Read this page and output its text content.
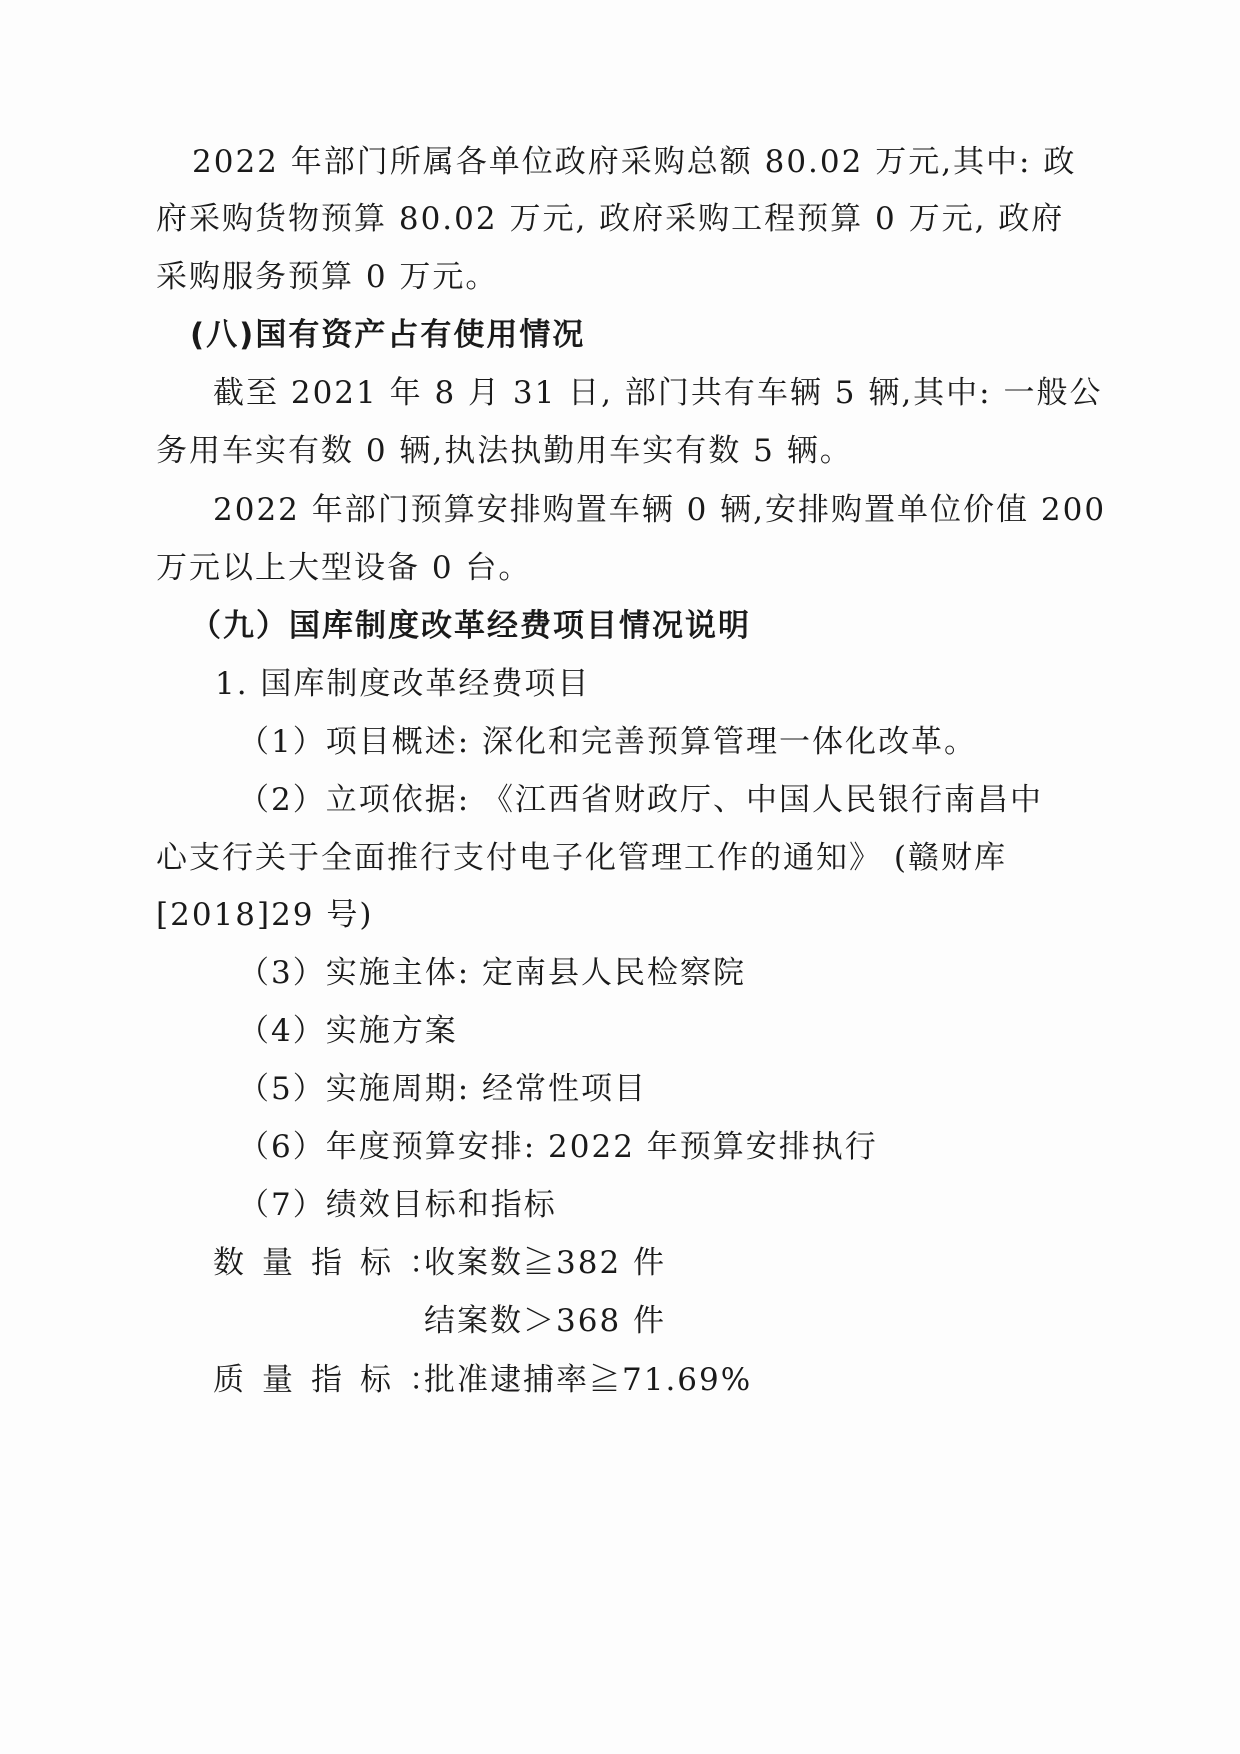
2022 年部门所属各单位政府采购总额 80.02 万元,其中: 政
府采购货物预算 80.02 万元, 政府采购工程预算 0 万元, 政府
采购服务预算 0 万元。
(八)国有资产占有使用情况
截至 2021 年 8 月 31 日, 部门共有车辆 5 辆,其中: 一般公
务用车实有数 0 辆,执法执勤用车实有数 5 辆。
2022 年部门预算安排购置车辆 0 辆,安排购置单位价值 200
万元以上大型设备 0 台。
（九）国库制度改革经费项目情况说明
1. 国库制度改革经费项目
（1）项目概述: 深化和完善预算管理一体化改革。
（2）立项依据: 《江西省财政厅、中国人民银行南昌中
心支行关于全面推行支付电子化管理工作的通知》 (赣财库
[2018]29 号)
（3）实施主体: 定南县人民检察院
（4）实施方案
（5）实施周期: 经常性项目
（6）年度预算安排: 2022 年预算安排执行
（7）绩效目标和指标
数量指标：
收案数≧382 件
结案数＞368 件
质量指标：
批准逮捕率≧71.69%
